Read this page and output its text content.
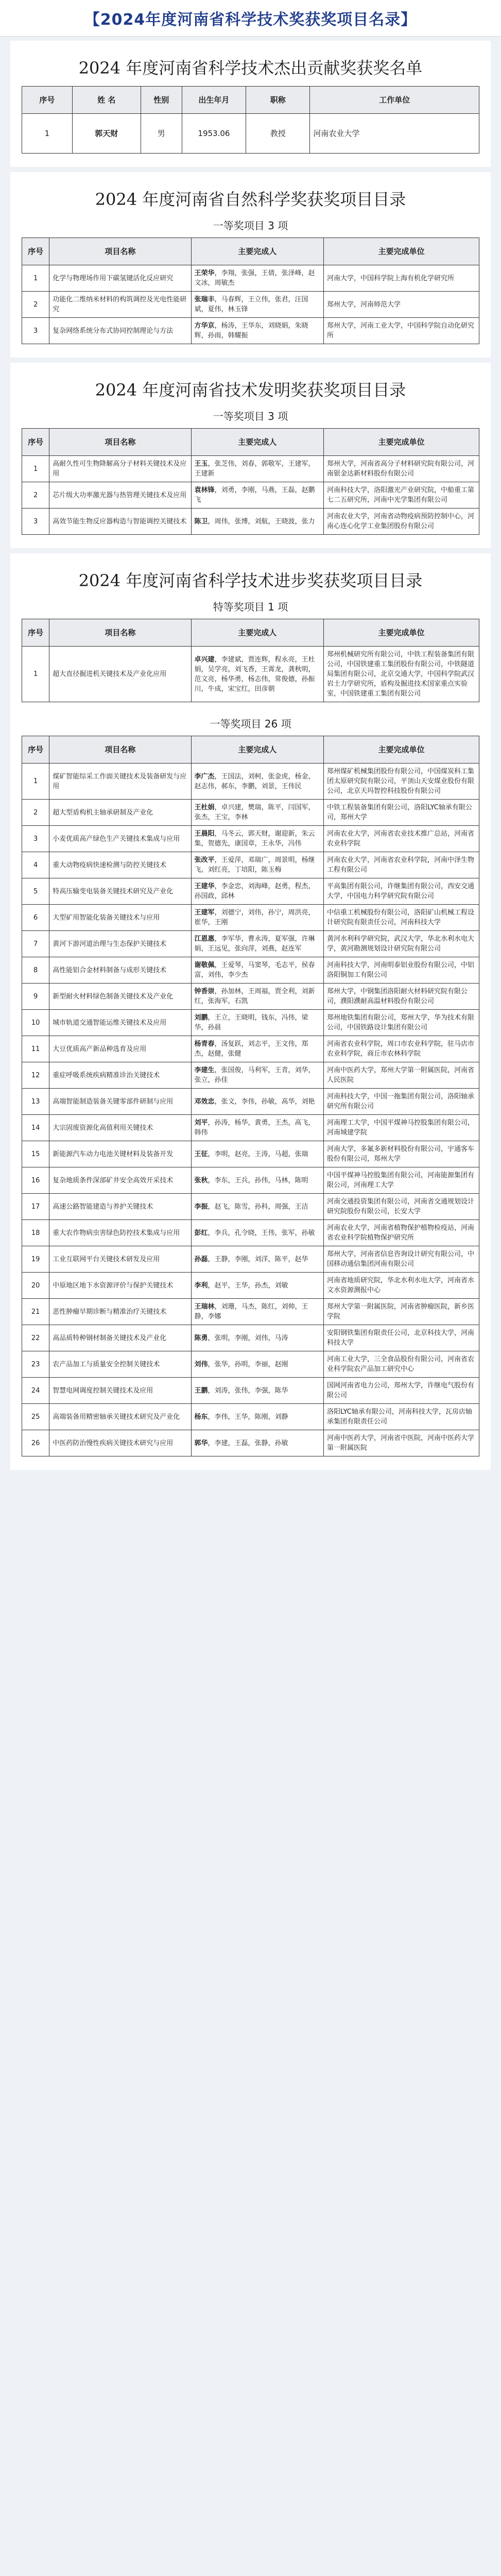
【2024年度河南省科学技术奖获奖项目名录】
2024 年度河南省科学技术杰出贡献奖获奖名单
序号	姓 名	性别	出生年月	职称	工作单位
1	郭天财	男	1953.06	教授	河南农业大学
2024 年度河南省自然科学奖获奖项目目录
一等奖项目 3 项
序号	项目名称	主要完成人	主要完成单位
1	化学与物理场作用下碳氢键活化反应研究	王荣华，李翔，张强，王倩，张泽峰，赵文冰，周敏杰	河南大学，中国科学院上海有机化学研究所
2	功能化二维纳米材料的构筑调控及光电性能研究	张瑞丰，马春辉，王立伟，张君，汪国斌，夏伟，林玉锋	郑州大学，河南师范大学
3	复杂网络系统分布式协同控制理论与方法	方华京，杨涛，王华东，刘晓娟，朱晓辉，孙雨，韩耀振	郑州大学，河南工业大学，中国科学院自动化研究所
2024 年度河南省技术发明奖获奖项目目录
一等奖项目 3 项
序号	项目名称	主要完成人	主要完成单位
1	高耐久性可生物降解高分子材料关键技术及应用	王玉，张芝伟，刘春，郭敬军，王建军，王建新	郑州大学，河南省高分子材料研究院有限公司，河南银金达新材料股份有限公司
2	芯片级大功率激光器与热管理关键技术及应用	袁林锋，刘勇，李刚，马燕，王磊，赵鹏飞	河南科技大学，洛阳激光产业研究院，中船重工第七二五研究所，河南中光学集团有限公司
3	高效节能生物反应器构造与智能调控关键技术	陈卫，周伟，张博，刘航，王晓波，张力	河南农业大学，河南省动物疫病预防控制中心，河南心连心化学工业集团股份有限公司
2024 年度河南省科学技术进步奖获奖项目目录
特等奖项目 1 项
序号	项目名称	主要完成人	主要完成单位
1	超大直径掘进机关键技术及产业化应用	卓兴建，李建斌，贾连辉，程永亮，王杜娟，吴学亮，刘飞香，王霄龙，龚秋明，范文亮，杨华勇，杨志伟，常俊德，孙振川，牛成，宋宝红，田彦朝	郑州机械研究所有限公司，中铁工程装备集团有限公司，中国铁建重工集团股份有限公司，中铁隧道局集团有限公司，北京交通大学，中国科学院武汉岩土力学研究所，盾构及掘进技术国家重点实验室，中国铁建重工集团有限公司
一等奖项目 26 项
序号	项目名称	主要完成人	主要完成单位
1	煤矿智能综采工作面关键技术及装备研发与应用	李广杰，王国法，刘柯，张金虎，杨金，赵志伟，郝东，李鹏，刘景，王伟民	郑州煤矿机械集团股份有限公司，中国煤炭科工集团太原研究院有限公司，平顶山天安煤业股份有限公司，北京天玛智控科技股份有限公司
2	超大型盾构机主轴承研制及产业化	王杜娟，卓兴建，樊瑞，陈平，闫国军，张杰，王宝，李林	中铁工程装备集团有限公司，洛阳LYC轴承有限公司，郑州大学
3	小麦优质高产绿色生产关键技术集成与应用	王晨阳，马冬云，郭天财，谢迎新，朱云集，贺德先，康国章，王永华，冯伟	河南农业大学，河南省农业技术推广总站，河南省农业科学院
4	重大动物疫病快速检测与防控关键技术	张改平，王爱萍，邓瑞广，周景明，杨继飞，刘红亮，丁培阳，陈玉梅	河南农业大学，河南省农业科学院，河南中泽生物工程有限公司
5	特高压输变电装备关键技术研究及产业化	王建华，李金忠，刘海峰，赵勇，程杰，孙国政，邱林	平高集团有限公司，许继集团有限公司，西安交通大学，中国电力科学研究院有限公司
6	大型矿用智能化装备关键技术与应用	王建军，刘德宁，刘伟，孙宁，周洪亮，崔华，王刚	中信重工机械股份有限公司，洛阳矿山机械工程设计研究院有限责任公司，河南科技大学
7	黄河下游河道治理与生态保护关键技术	江恩惠，李军华，曹永涛，夏军强，许琳娟，王远见，张向萍，刘燕，赵连军	黄河水利科学研究院，武汉大学，华北水利水电大学，黄河勘测规划设计研究院有限公司
8	高性能铝合金材料制备与成形关键技术	谢敬佩，王爱琴，马窦琴，毛志平，侯春富，刘伟，李少杰	河南科技大学，河南明泰铝业股份有限公司，中铝洛阳铜加工有限公司
9	新型耐火材料绿色制备关键技术及产业化	钟香崇，孙加林，王周福，贾全利，刘新红，张海军，石凯	郑州大学，中钢集团洛阳耐火材料研究院有限公司，濮阳濮耐高温材料股份有限公司
10	城市轨道交通智能运维关键技术及应用	刘鹏，王立，王晓明，钱东，冯伟，梁华，孙晨	郑州地铁集团有限公司，郑州大学，华为技术有限公司，中国铁路设计集团有限公司
11	大豆优质高产新品种选育及应用	杨青春，汤复跃，刘志平，王文伟，郑杰，赵健，张健	河南省农业科学院，周口市农业科学院，驻马店市农业科学院，商丘市农林科学院
12	重症呼吸系统疾病精准诊治关键技术	李建生，张国俊，马利军，王青，刘华，张立，孙佳	河南中医药大学，郑州大学第一附属医院，河南省人民医院
13	高端智能制造装备关键零部件研制与应用	邓效忠，张文，李伟，孙敏，高华，刘艳	河南科技大学，中国一拖集团有限公司，洛阳轴承研究所有限公司
14	大宗固废资源化高值利用关键技术	刘平，孙涛，杨华，黄勇，王杰，高飞，韩伟	河南理工大学，中国平煤神马控股集团有限公司，河南城建学院
15	新能源汽车动力电池关键材料及装备开发	王征，李明，赵亮，王涛，马超，张瑞	河南大学，多氟多新材料股份有限公司，宇通客车股份有限公司，郑州大学
16	复杂地质条件深部矿井安全高效开采技术	张秋，李东，王兵，孙伟，马林，陈明	中国平煤神马控股集团有限公司，河南能源集团有限公司，河南理工大学
17	高速公路智能建造与养护关键技术	李振，赵飞，陈雪，孙科，周强，王洁	河南交通投资集团有限公司，河南省交通规划设计研究院股份有限公司，长安大学
18	重大农作物病虫害绿色防控技术集成与应用	彭红，李兵，孔令晓，王伟，张军，孙敏	河南农业大学，河南省植物保护植物检疫站，河南省农业科学院植物保护研究所
19	工业互联网平台关键技术研发及应用	孙磊，王静，李刚，刘洋，陈平，赵华	郑州大学，河南省信息咨询设计研究有限公司，中国移动通信集团河南有限公司
20	中原地区地下水资源评价与保护关键技术	李利，赵平，王华，孙杰，刘敏	河南省地质研究院，华北水利水电大学，河南省水文水资源测报中心
21	恶性肿瘤早期诊断与精准治疗关键技术	王瑞林，刘珊，马杰，陈红，刘帅，王静，李娜	郑州大学第一附属医院，河南省肿瘤医院，新乡医学院
22	高品质特种钢材制备关键技术及产业化	陈勇，张明，李刚，刘伟，马涛	安阳钢铁集团有限责任公司，北京科技大学，河南科技大学
23	农产品加工与质量安全控制关键技术	刘伟，张华，孙明，李丽，赵刚	河南工业大学，三全食品股份有限公司，河南省农业科学院农产品加工研究中心
24	智慧电网调度控制关键技术及应用	王鹏，刘涛，张伟，李强，陈华	国网河南省电力公司，郑州大学，许继电气股份有限公司
25	高端装备用精密轴承关键技术研究及产业化	杨东，李伟，王华，陈刚，刘静	洛阳LYC轴承有限公司，河南科技大学，瓦房店轴承集团有限责任公司
26	中医药防治慢性疾病关键技术研究与应用	郭华，李建，王磊，张静，孙敏	河南中医药大学，河南省中医院，河南中医药大学第一附属医院
